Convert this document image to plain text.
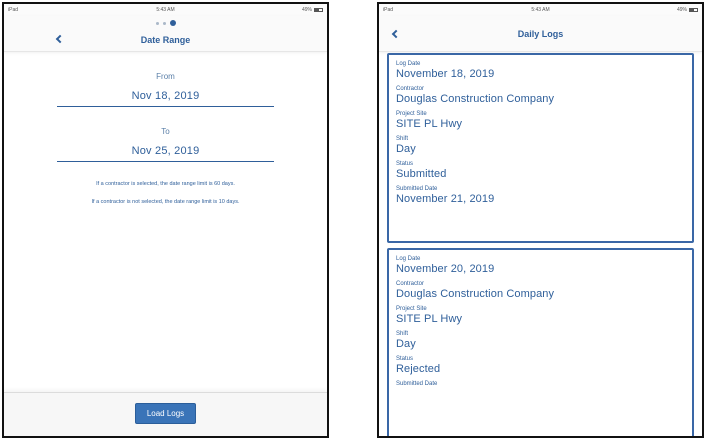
iPad	5:43 AM	49%
Date Range
From
Nov 18, 2019
To
Nov 25, 2019
If a contractor is selected, the date range limit is 60 days.
If a contractor is not selected, the date range limit is 10 days.
Load Logs
iPad	5:43 AM	49%
Daily Logs
Log Date
November 18, 2019
Contractor
Douglas Construction Company
Project Site
SITE PL Hwy
Shift
Day
Status
Submitted
Submitted Date
November 21, 2019
Log Date
November 20, 2019
Contractor
Douglas Construction Company
Project Site
SITE PL Hwy
Shift
Day
Status
Rejected
Submitted Date
